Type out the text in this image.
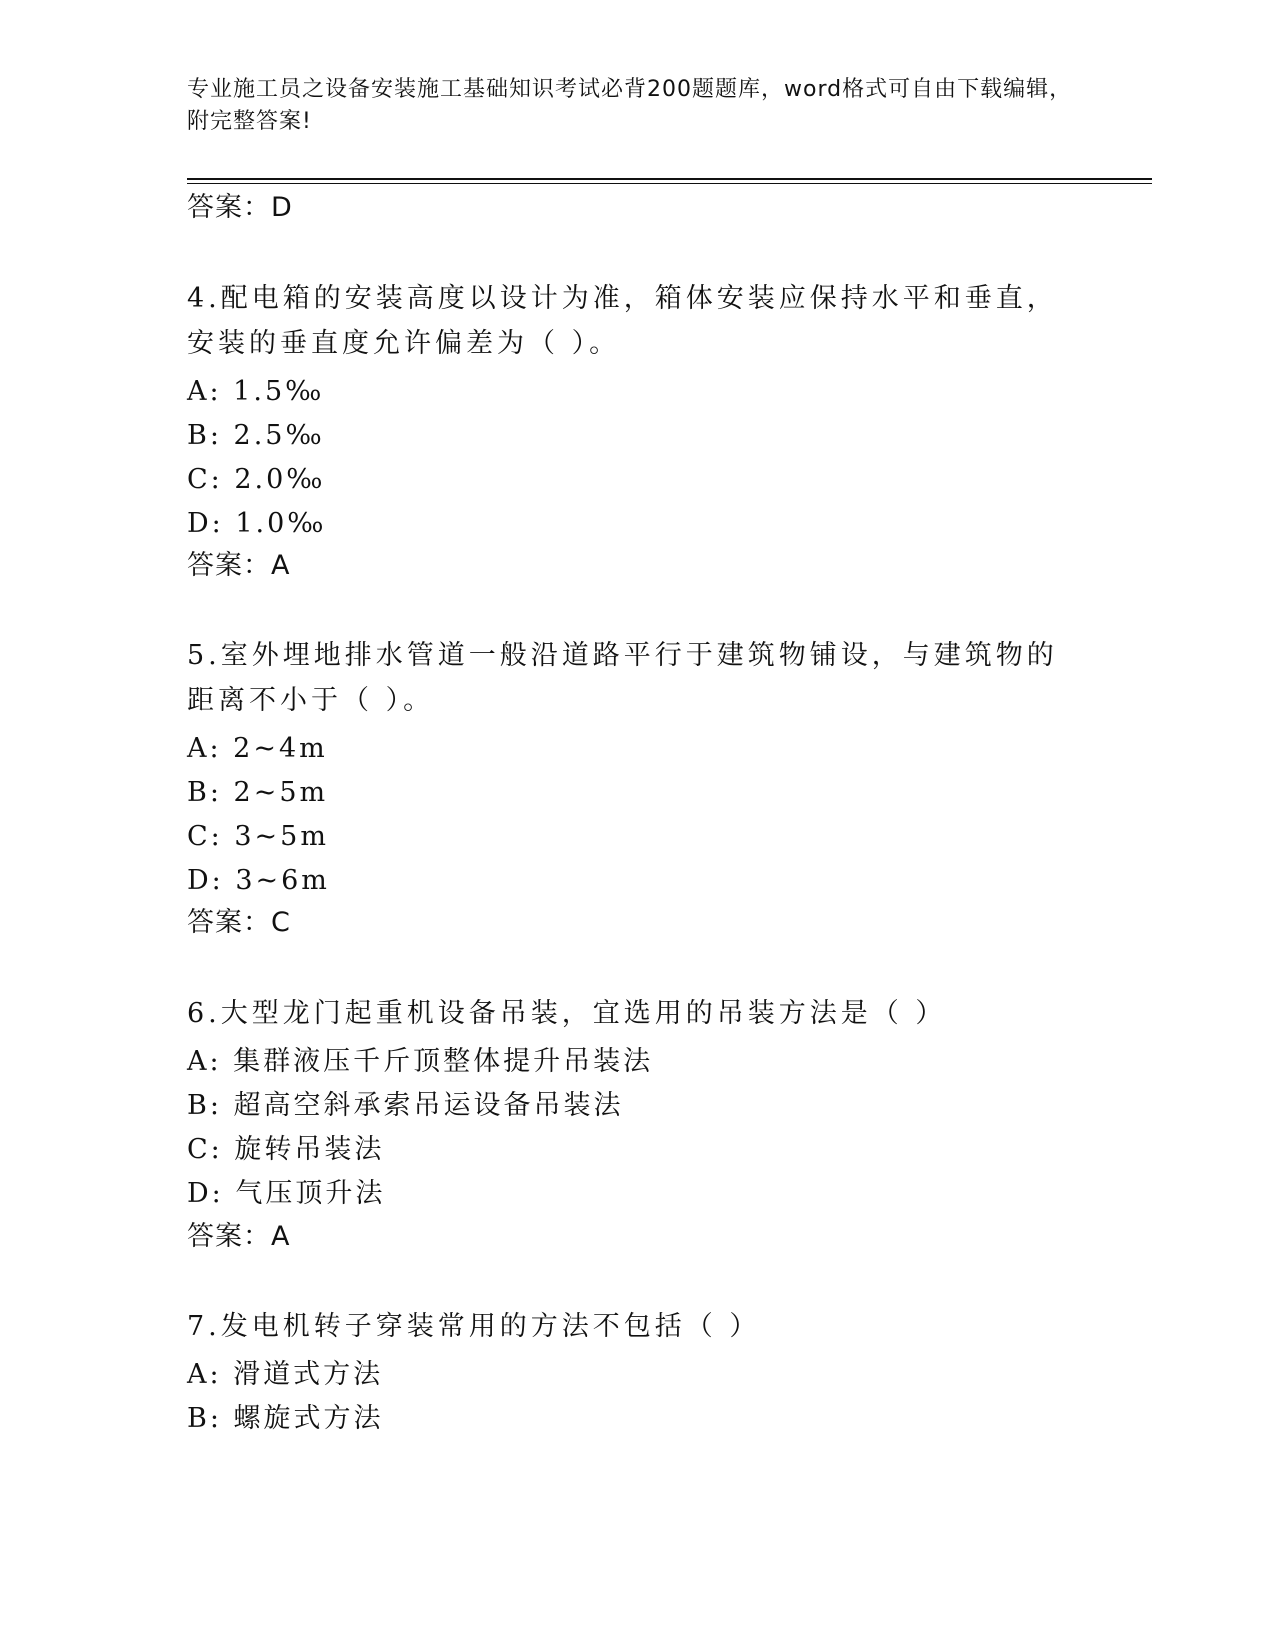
专业施工员之设备安装施工基础知识考试必背200题题库，word格式可自由下载编辑，附完整答案!
答案：D
4.配电箱的安装高度以设计为准，箱体安装应保持水平和垂直，安装的垂直度允许偏差为（ ）。
A: 1.5‰
B: 2.5‰
C: 2.0‰
D: 1.0‰
答案：A
5.室外埋地排水管道一般沿道路平行于建筑物铺设，与建筑物的距离不小于（ ）。
A: 2~4m
B: 2~5m
C: 3~5m
D: 3~6m
答案：C
6.大型龙门起重机设备吊装，宜选用的吊装方法是（ ）
A: 集群液压千斤顶整体提升吊装法
B: 超高空斜承索吊运设备吊装法
C: 旋转吊装法
D: 气压顶升法
答案：A
7.发电机转子穿装常用的方法不包括（ ）
A: 滑道式方法
B: 螺旋式方法
